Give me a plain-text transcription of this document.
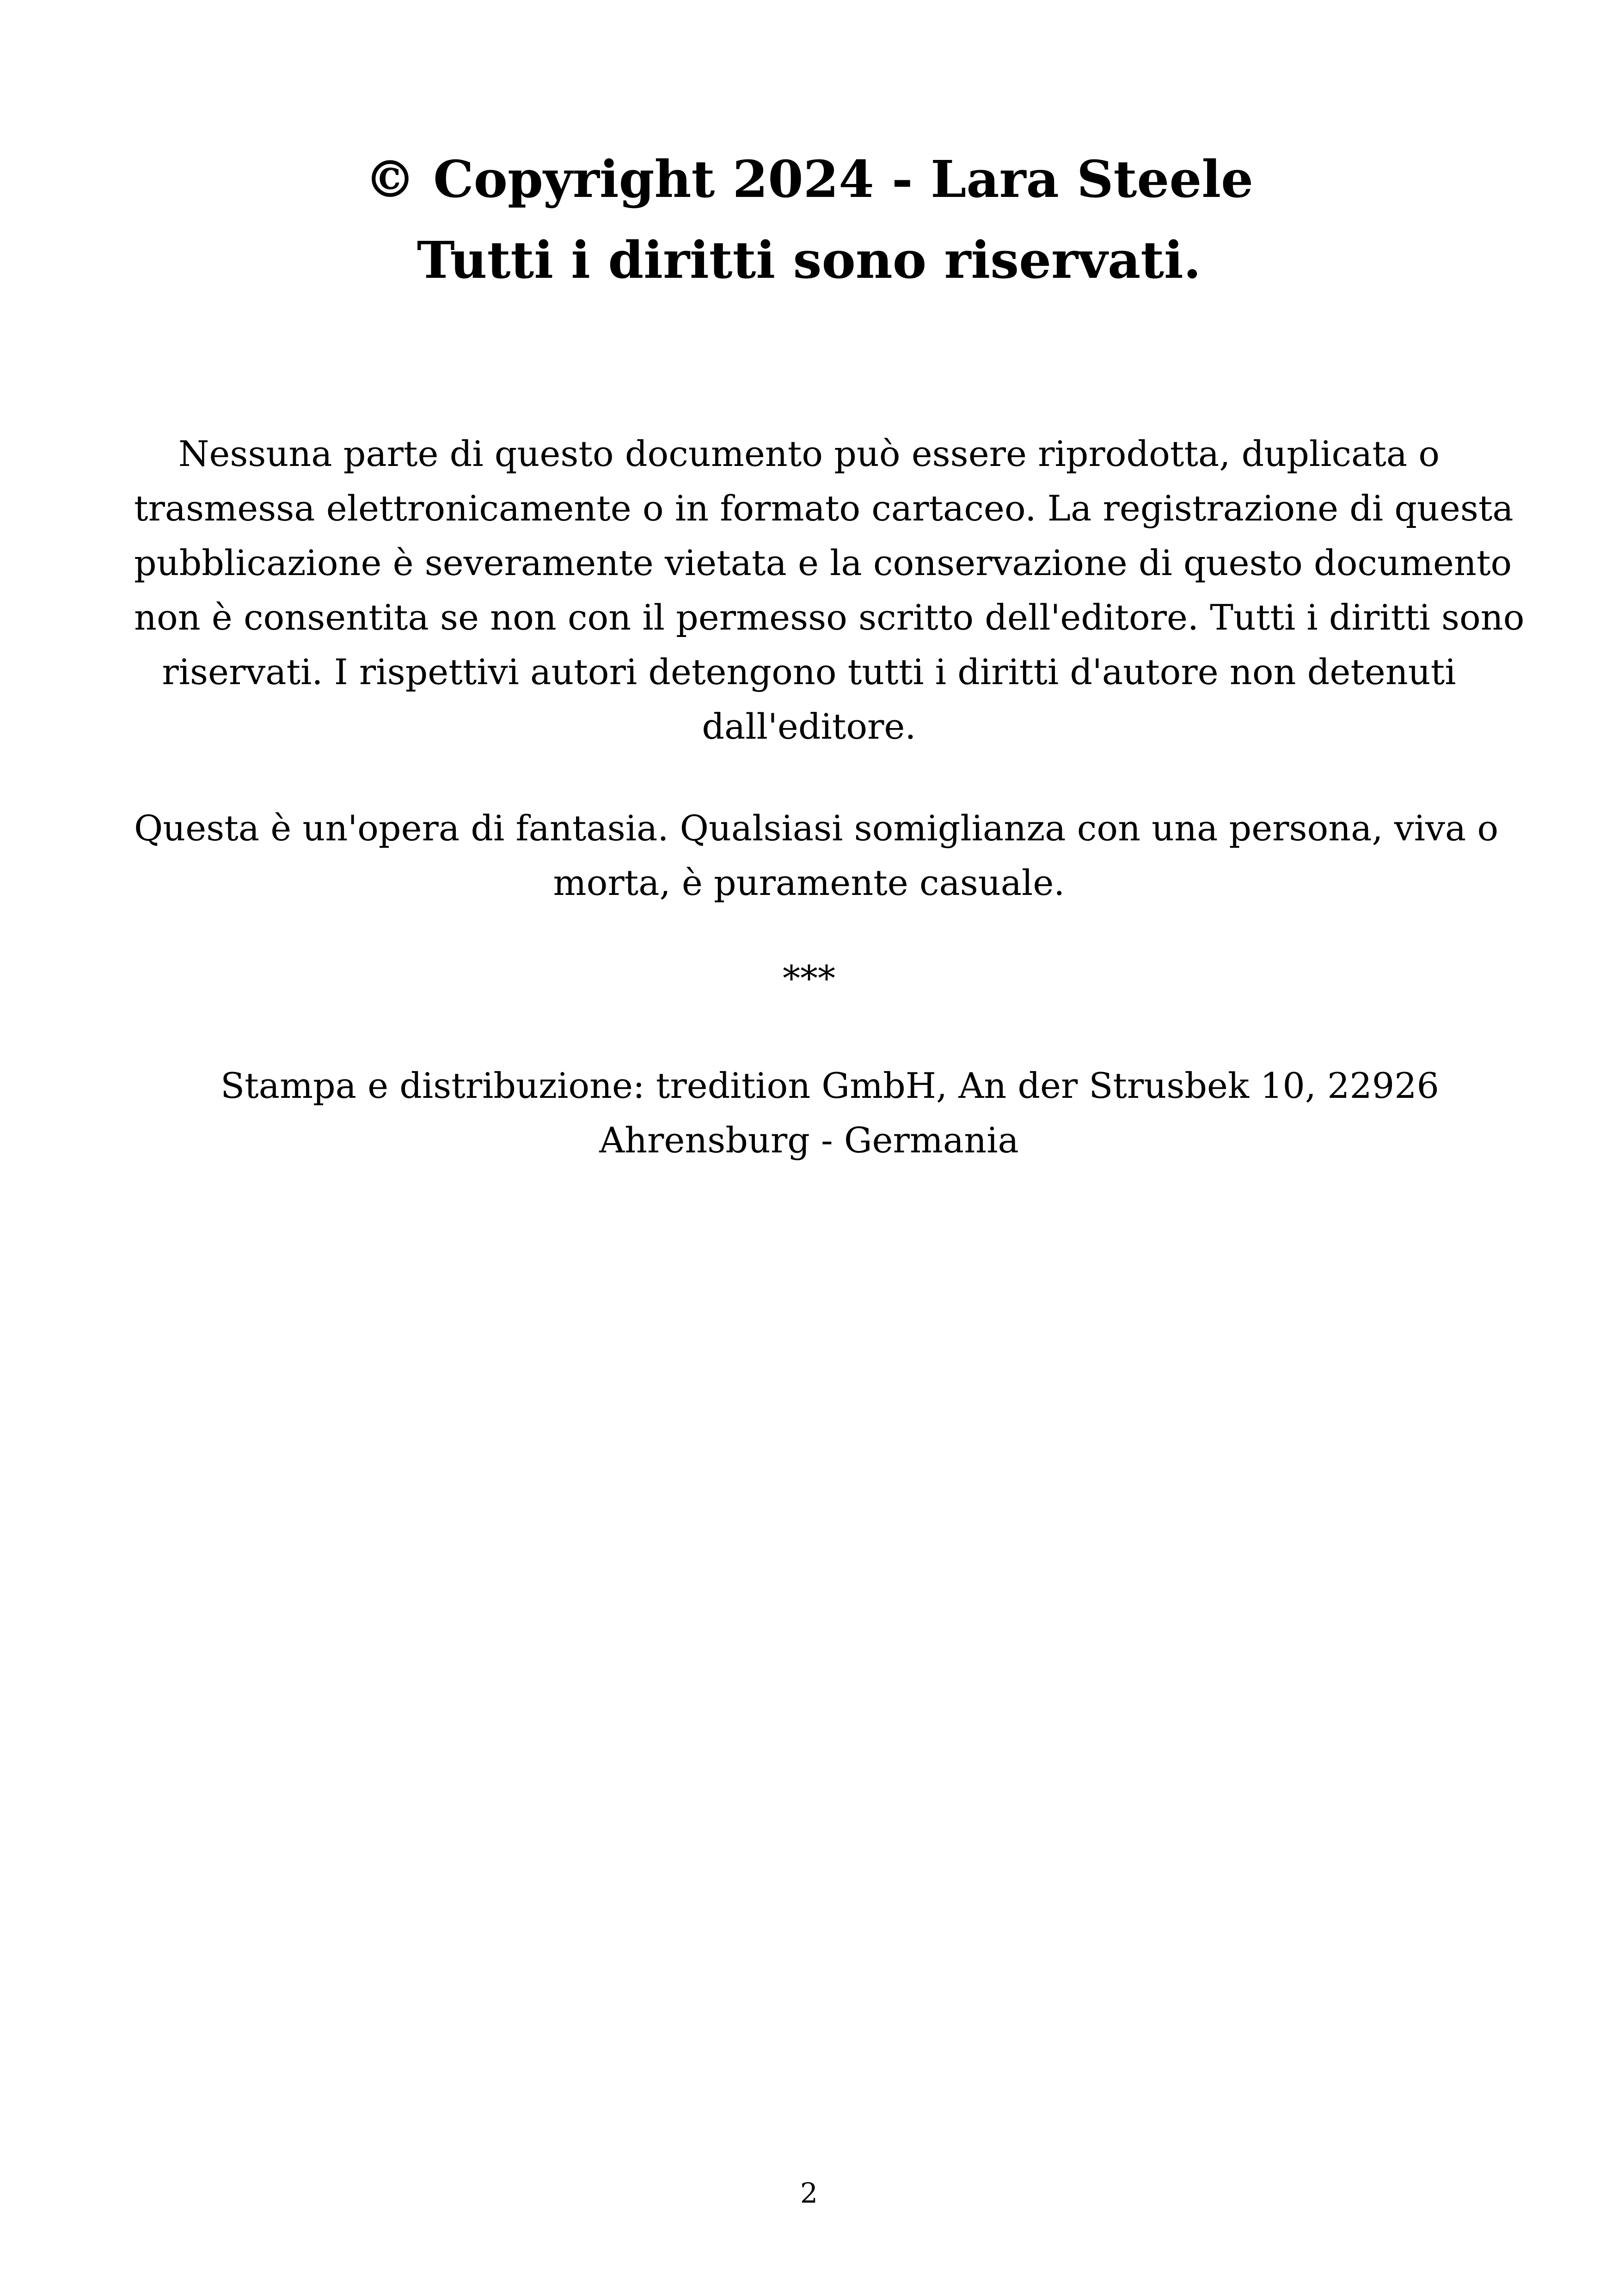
© Copyright 2024 - Lara Steele
Tutti i diritti sono riservati.

Nessuna parte di questo documento può essere riprodotta, duplicata o
trasmessa elettronicamente o in formato cartaceo. La registrazione di questa
pubblicazione è severamente vietata e la conservazione di questo documento
non è consentita se non con il permesso scritto dell'editore. Tutti i diritti sono
riservati. I rispettivi autori detengono tutti i diritti d'autore non detenuti
dall'editore.

Questa è un'opera di fantasia. Qualsiasi somiglianza con una persona, viva o
morta, è puramente casuale.

***

Stampa e distribuzione: tredition GmbH, An der Strusbek 10, 22926
Ahrensburg - Germania

2
